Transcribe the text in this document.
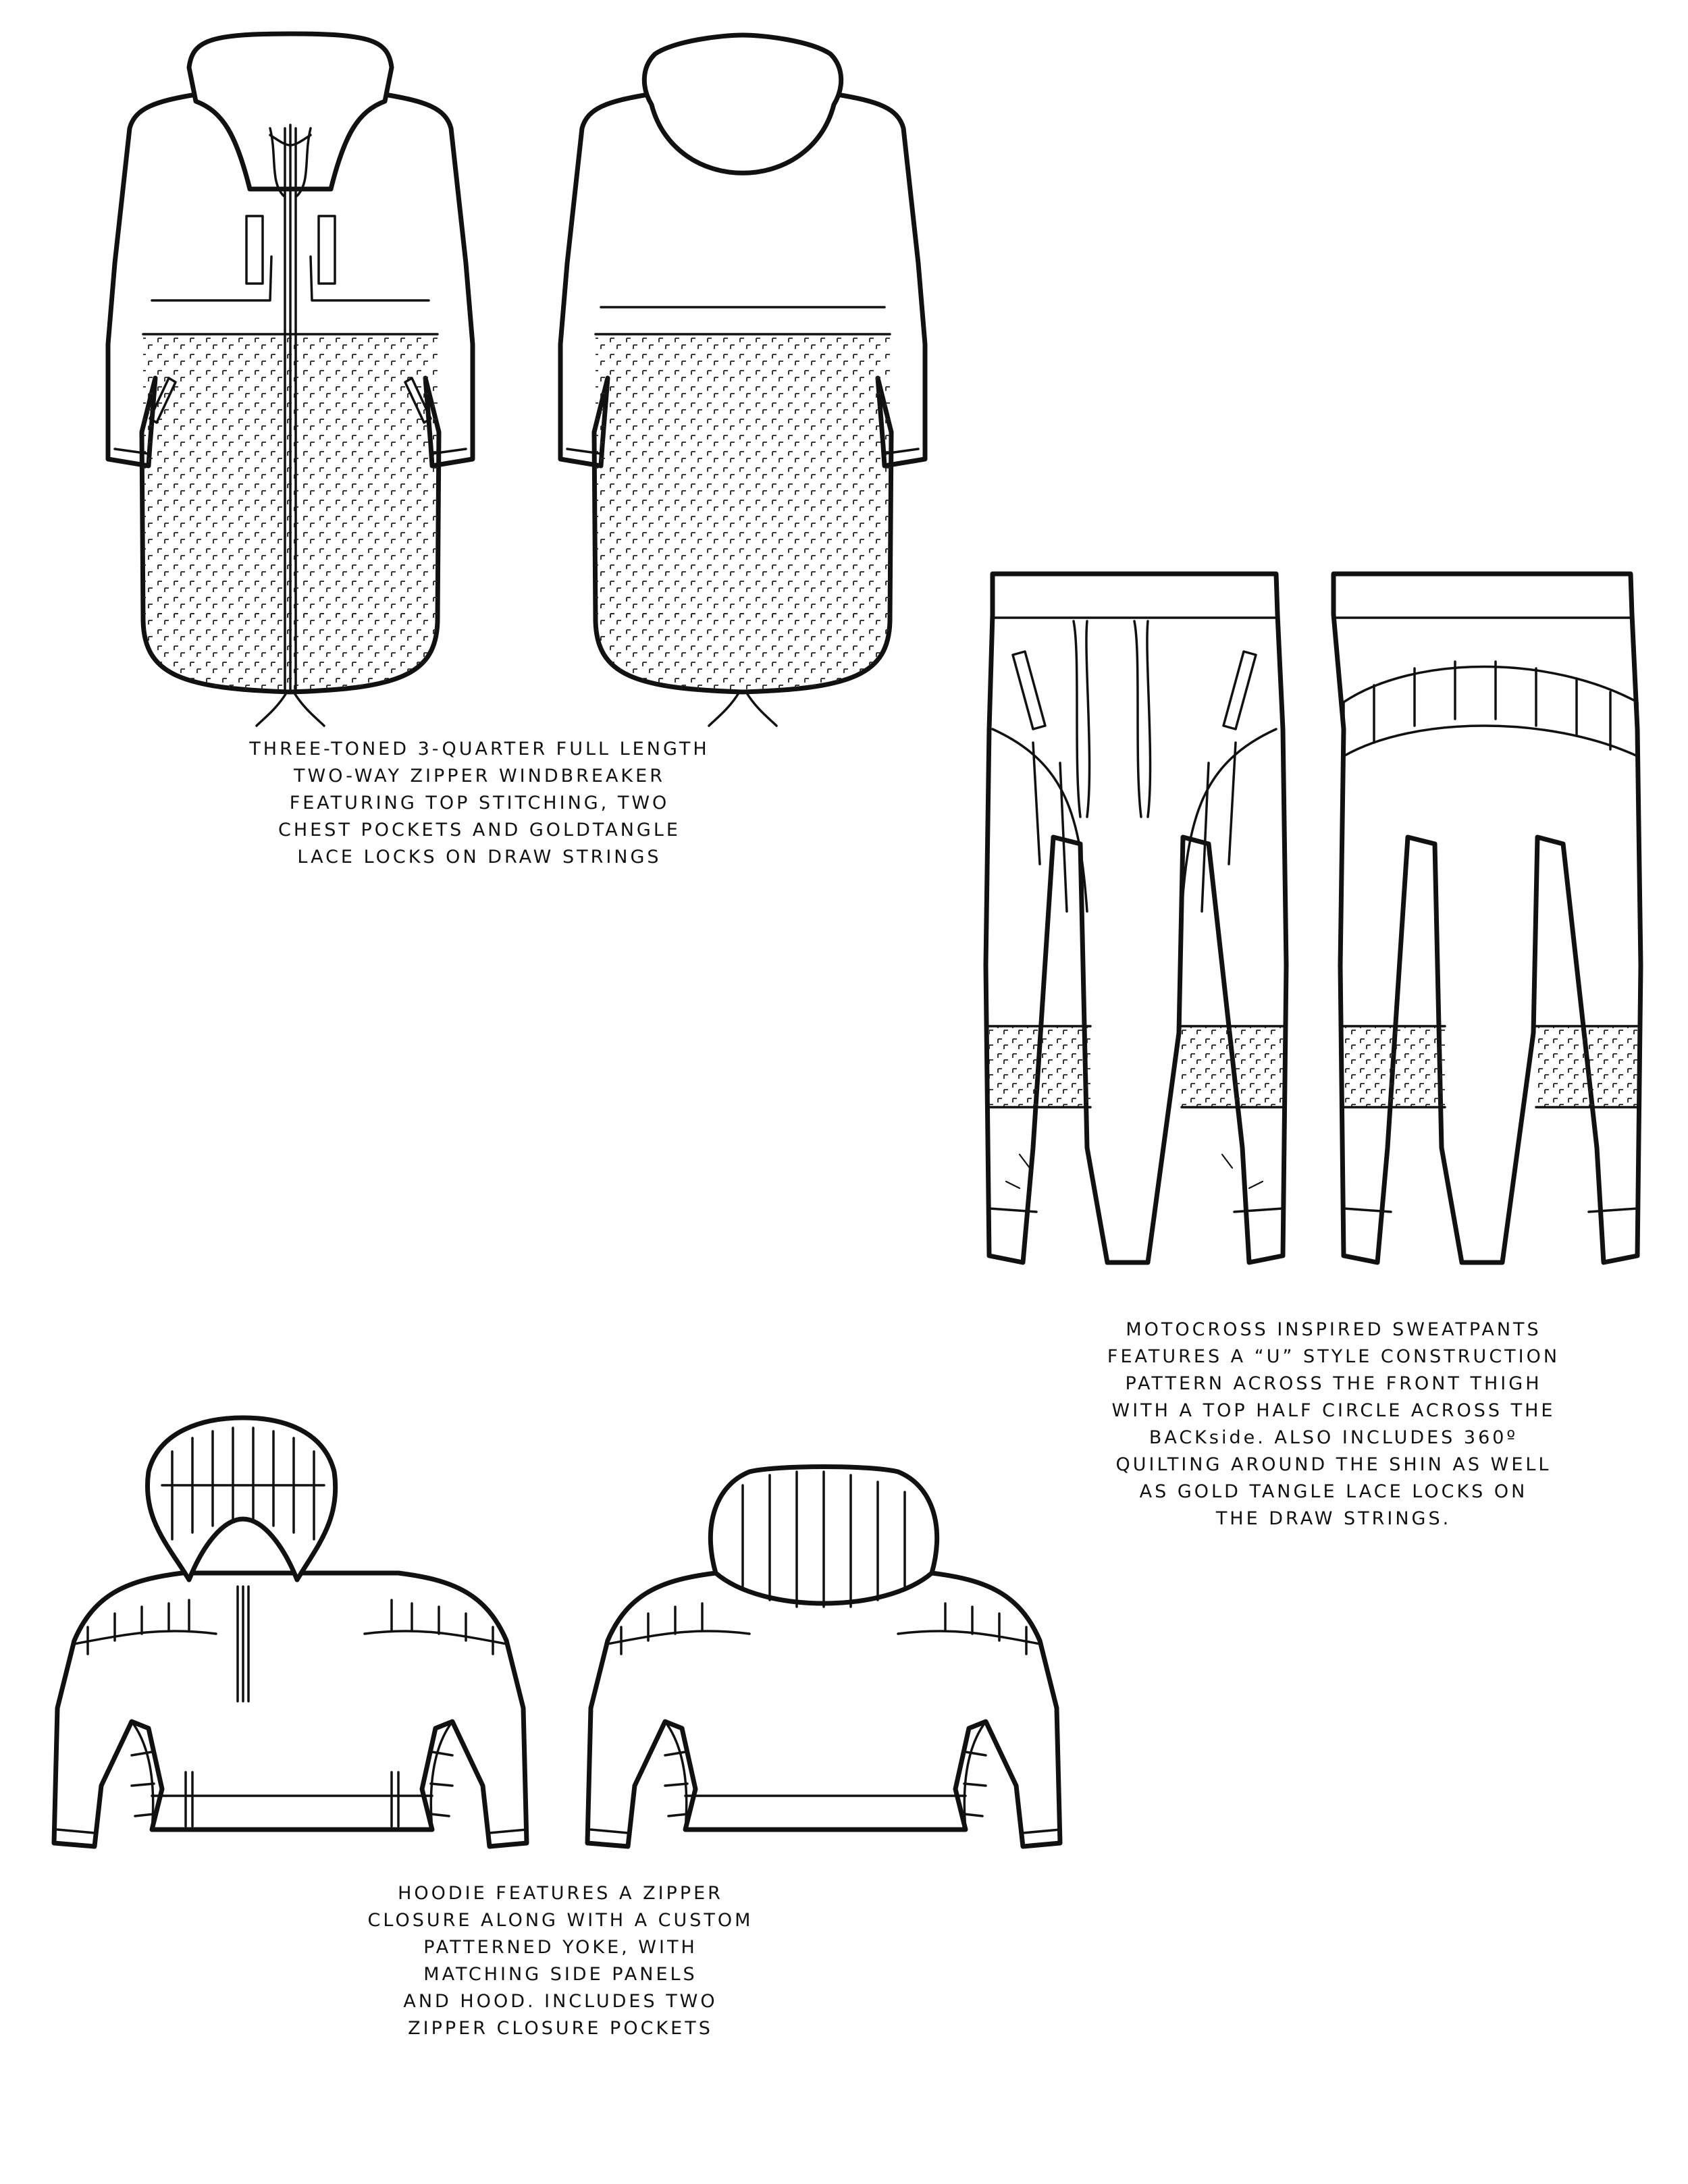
THREE-TONED 3-QUARTER FULL LENGTH
TWO-WAY ZIPPER WINDBREAKER
FEATURING TOP STITCHING, TWO
CHEST POCKETS AND GOLDTANGLE
LACE LOCKS ON DRAW STRINGS

MOTOCROSS INSPIRED SWEATPANTS
FEATURES A “U” STYLE CONSTRUCTION
PATTERN ACROSS THE FRONT THIGH
WITH A TOP HALF CIRCLE ACROSS THE
BACKside. ALSO INCLUDES 360º
QUILTING AROUND THE SHIN AS WELL
AS GOLD TANGLE LACE LOCKS ON
THE DRAW STRINGS.

HOODIE FEATURES A ZIPPER
CLOSURE ALONG WITH A CUSTOM
PATTERNED YOKE, WITH
MATCHING SIDE PANELS
AND HOOD. INCLUDES TWO
ZIPPER CLOSURE POCKETS
